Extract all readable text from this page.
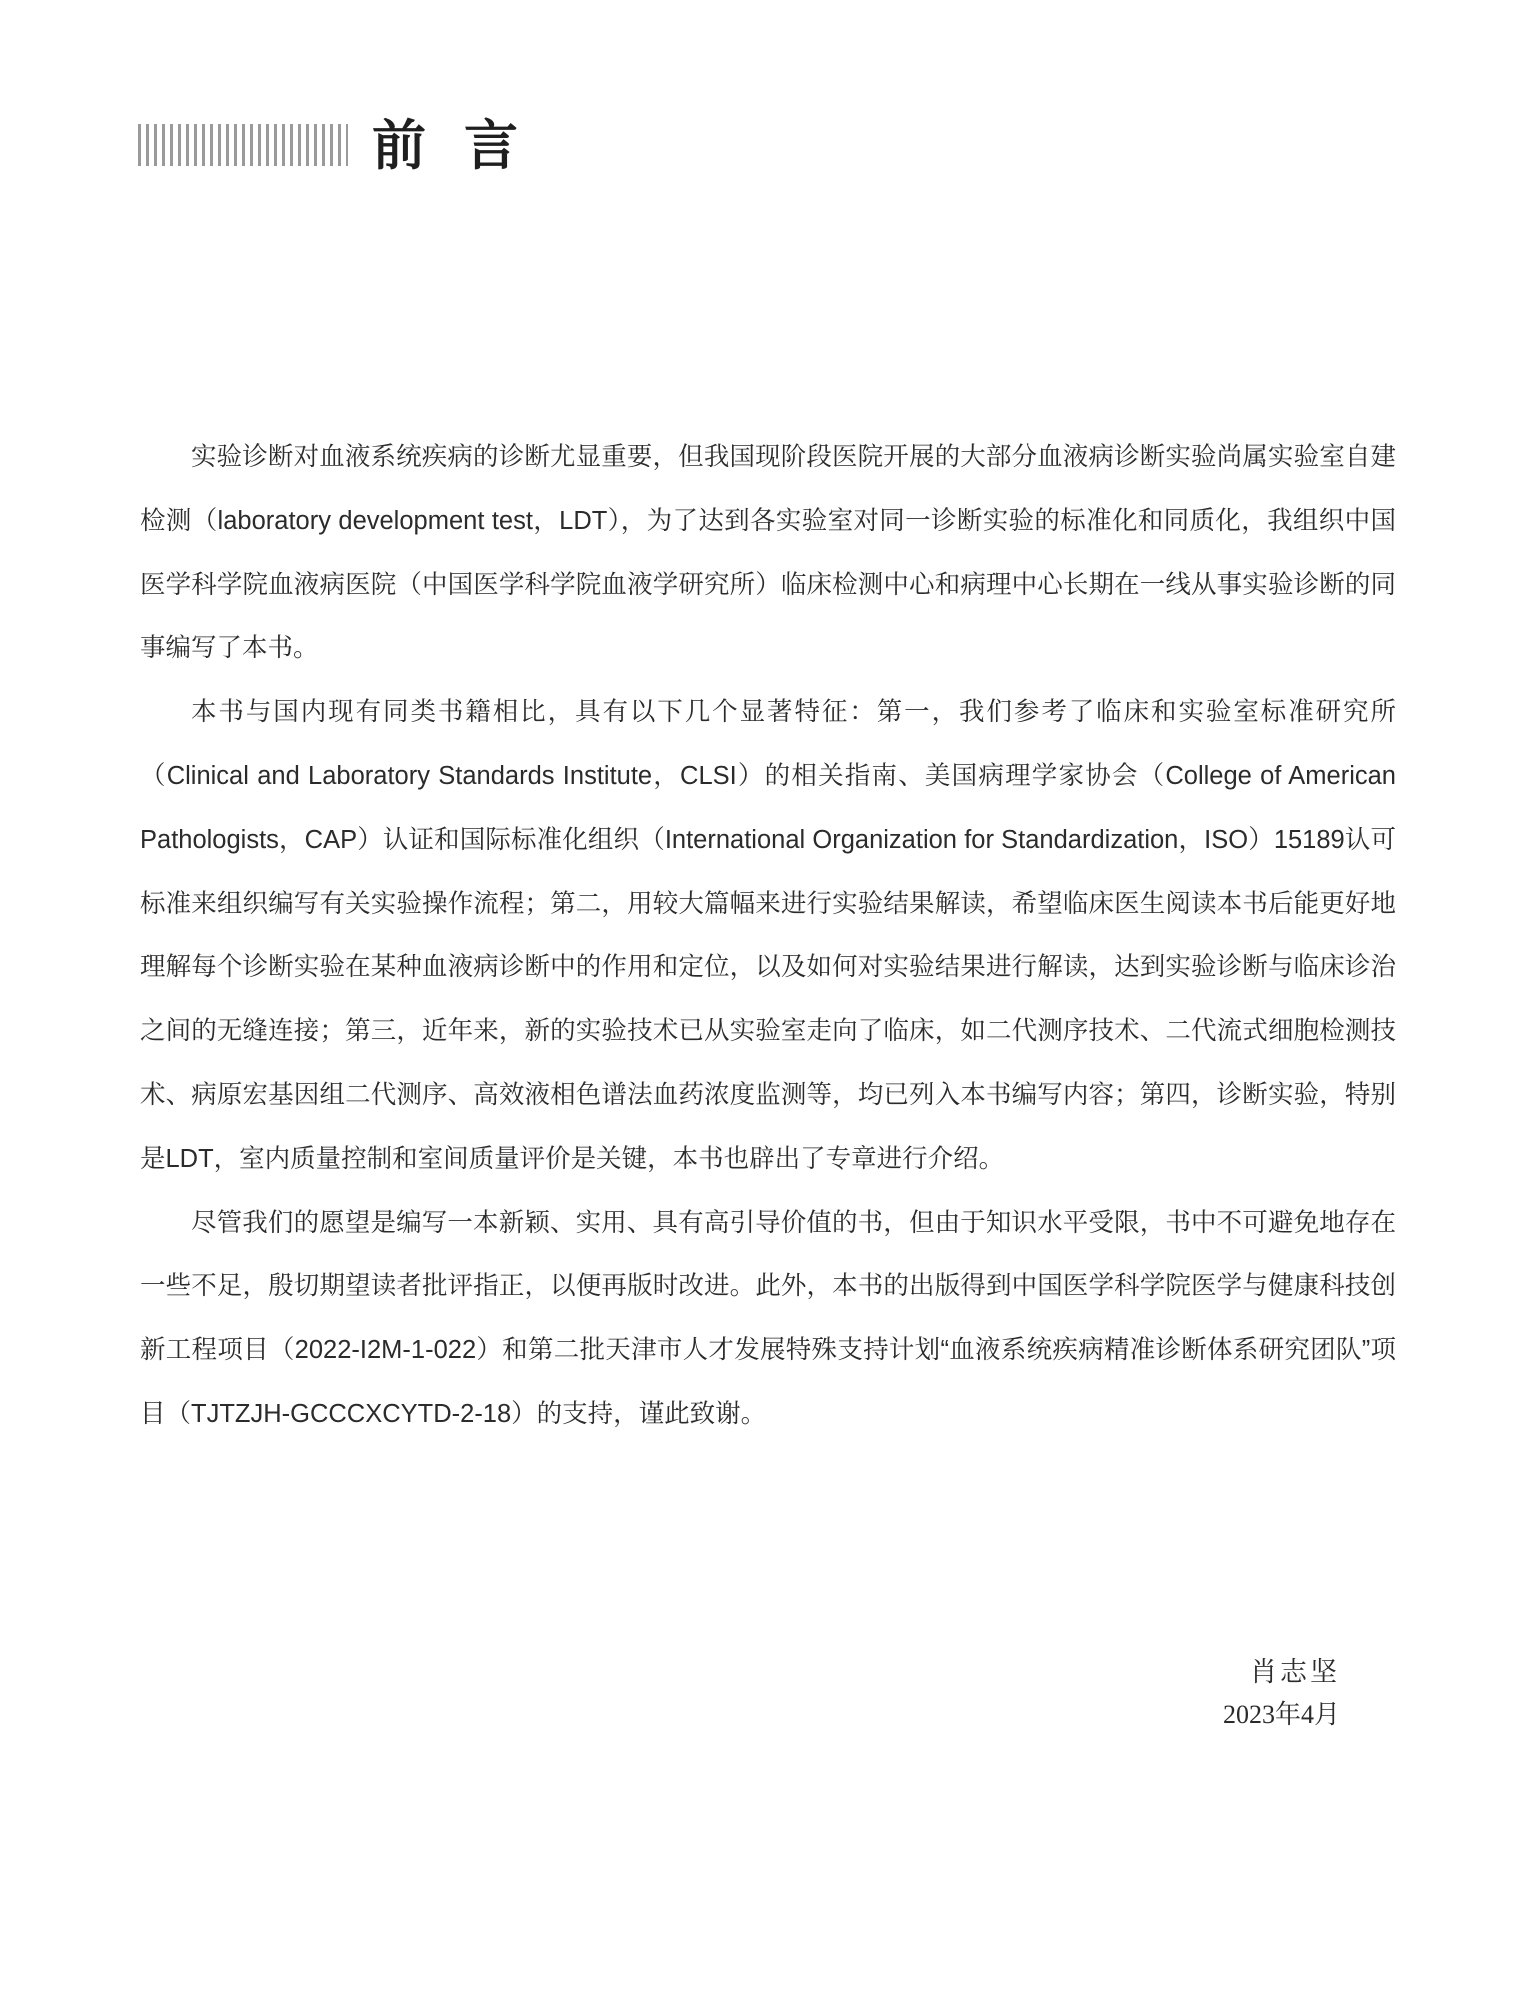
前言

实验诊断对血液系统疾病的诊断尤显重要，但我国现阶段医院开展的大部分血液病诊断实验尚属实验室自建检测（laboratory development test，LDT），为了达到各实验室对同一诊断实验的标准化和同质化，我组织中国医学科学院血液病医院（中国医学科学院血液学研究所）临床检测中心和病理中心长期在一线从事实验诊断的同事编写了本书。

本书与国内现有同类书籍相比，具有以下几个显著特征：第一，我们参考了临床和实验室标准研究所（Clinical and Laboratory Standards Institute，CLSI）的相关指南、美国病理学家协会（College of American Pathologists，CAP）认证和国际标准化组织（International Organization for Standardization，ISO）15189认可标准来组织编写有关实验操作流程；第二，用较大篇幅来进行实验结果解读，希望临床医生阅读本书后能更好地理解每个诊断实验在某种血液病诊断中的作用和定位，以及如何对实验结果进行解读，达到实验诊断与临床诊治之间的无缝连接；第三，近年来，新的实验技术已从实验室走向了临床，如二代测序技术、二代流式细胞检测技术、病原宏基因组二代测序、高效液相色谱法血药浓度监测等，均已列入本书编写内容；第四，诊断实验，特别是LDT，室内质量控制和室间质量评价是关键，本书也辟出了专章进行介绍。

尽管我们的愿望是编写一本新颖、实用、具有高引导价值的书，但由于知识水平受限，书中不可避免地存在一些不足，殷切期望读者批评指正，以便再版时改进。此外，本书的出版得到中国医学科学院医学与健康科技创新工程项目（2022-I2M-1-022）和第二批天津市人才发展特殊支持计划“血液系统疾病精准诊断体系研究团队”项目（TJTZJH-GCCCXCYTD-2-18）的支持，谨此致谢。

肖志坚
2023年4月
